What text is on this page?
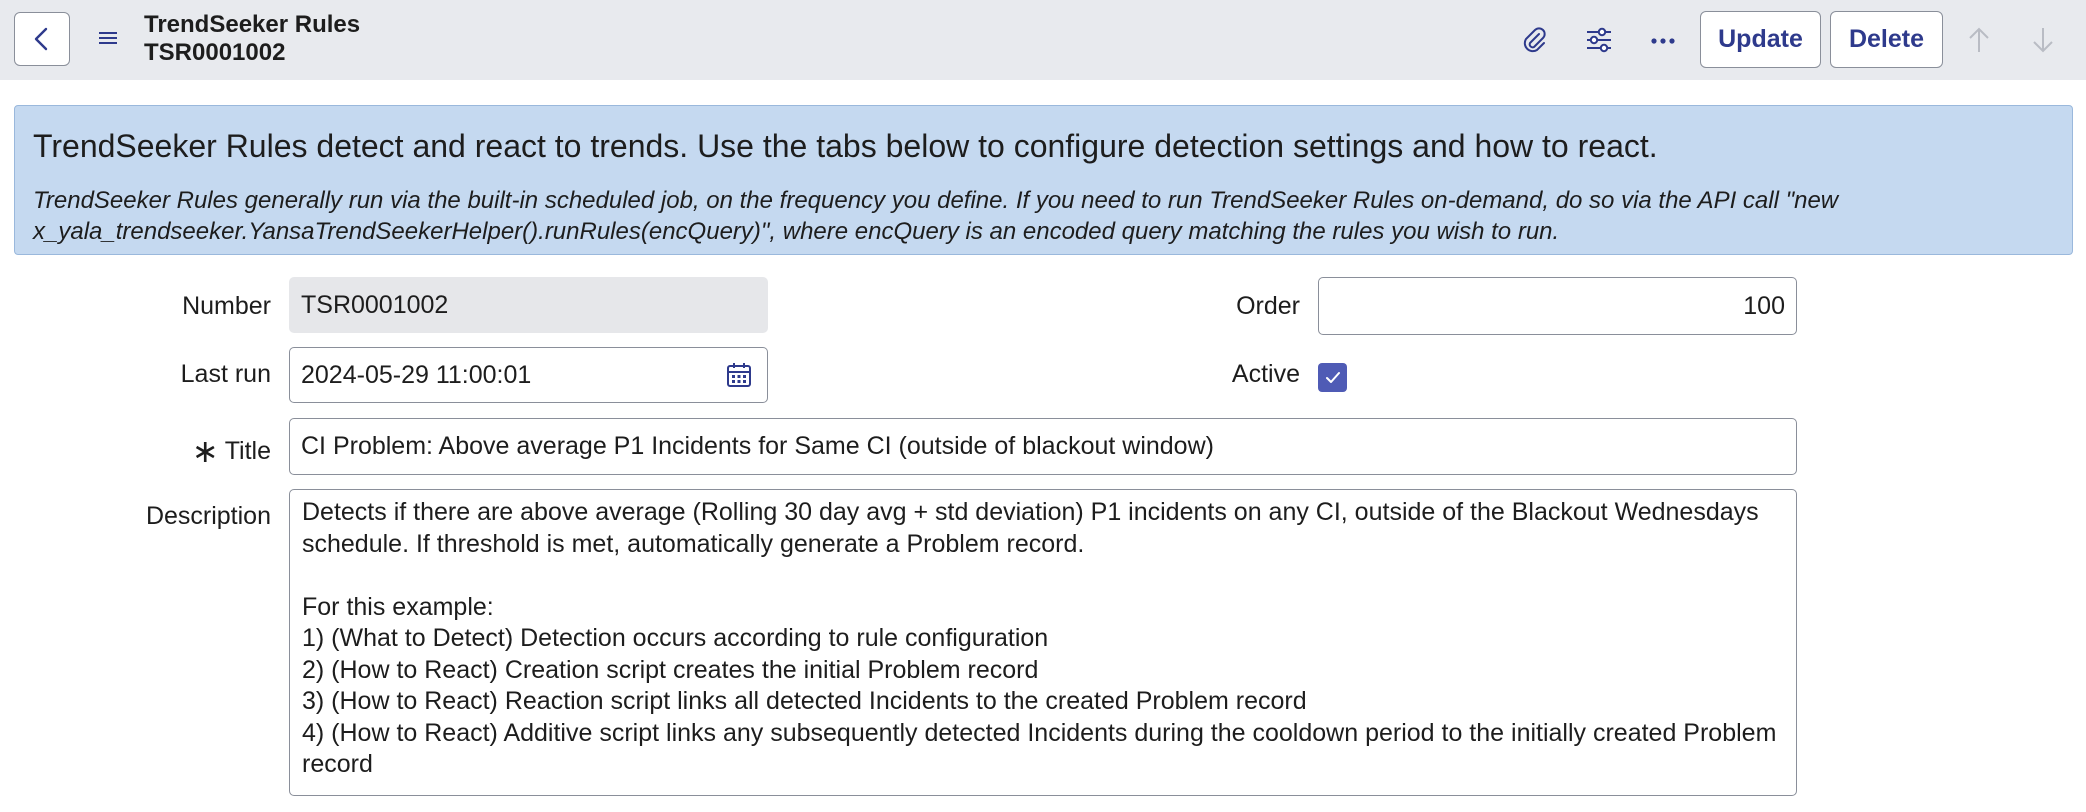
TrendSeeker Rules
TSR0001002	Update	Delete
TrendSeeker Rules detect and react to trends. Use the tabs below to configure detection settings and how to react.
TrendSeeker Rules generally run via the built-in scheduled job, on the frequency you define. If you need to run TrendSeeker Rules on-demand, do so via the API call "new x_yala_trendseeker.YansaTrendSeekerHelper().runRules(encQuery)", where encQuery is an encoded query matching the rules you wish to run.
Number	TSR0001002	Order	100
Last run	2024-05-29 11:00:01	Active
∗ Title	CI Problem: Above average P1 Incidents for Same CI (outside of blackout window)
Description	Detects if there are above average (Rolling 30 day avg + std deviation) P1 incidents on any CI, outside of the Blackout Wednesdays schedule. If threshold is met, automatically generate a Problem record.

For this example:
1) (What to Detect) Detection occurs according to rule configuration
2) (How to React) Creation script creates the initial Problem record
3) (How to React) Reaction script links all detected Incidents to the created Problem record
4) (How to React) Additive script links any subsequently detected Incidents during the cooldown period to the initially created Problem record
